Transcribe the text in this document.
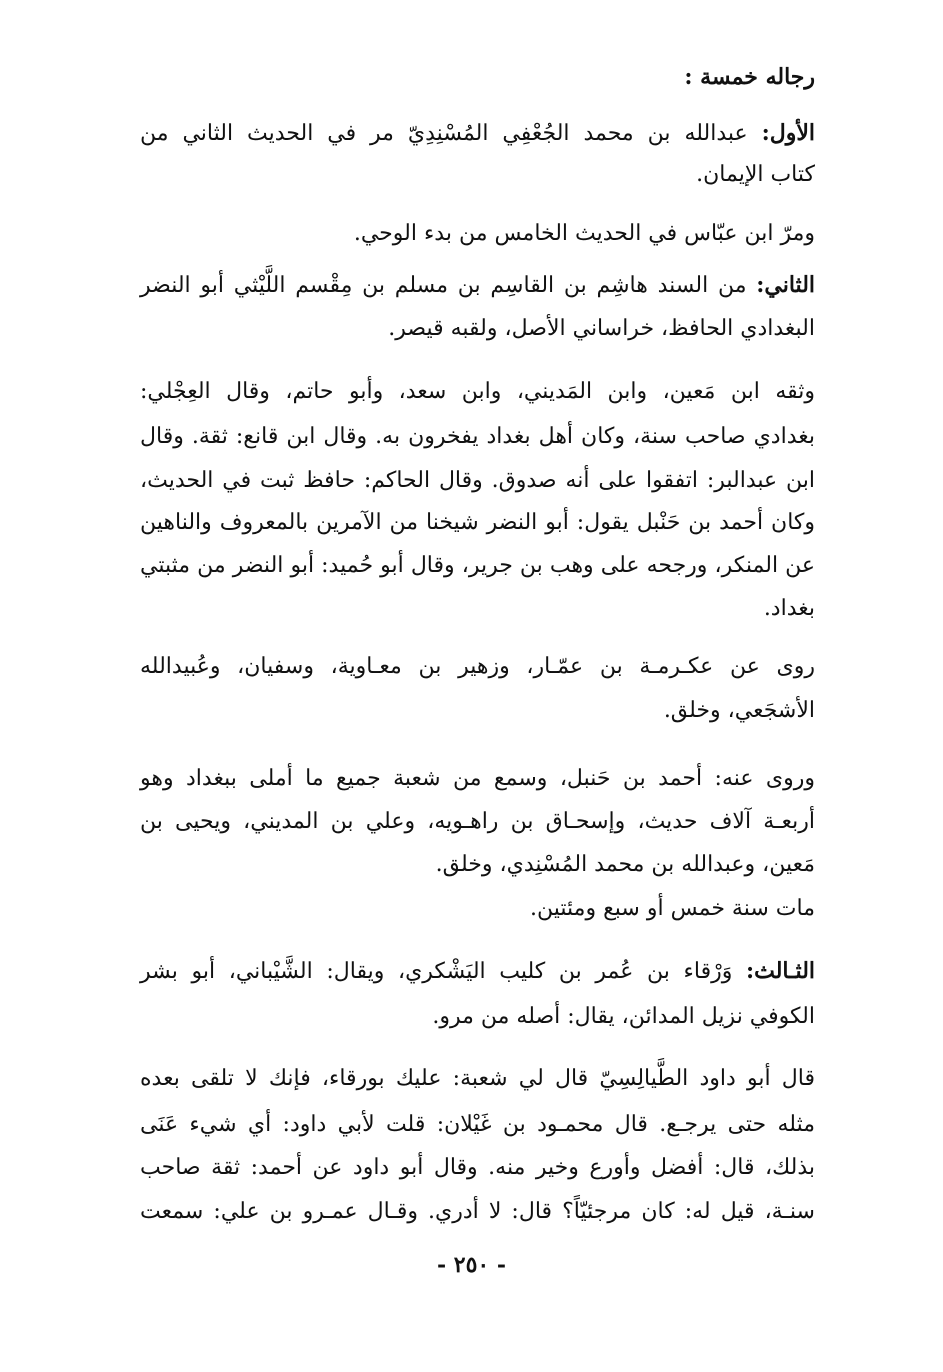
رجاله خمسة :
الأول: عبدالله بن محمد الجُعْفِي المُسْنِدِيّ مر في الحديث الثاني من
كتاب الإيمان.
ومرّ ابن عبّاس في الحديث الخامس من بدء الوحي.
الثاني: من السند هاشِم بن القاسِم بن مسلم بن مِقْسم اللَّيْثي أبو النضر
البغدادي الحافظ، خراساني الأصل، ولقبه قيصر.
وثقه ابن مَعين، وابن المَديني، وابن سعد، وأبو حاتم، وقال العِجْلي:
بغدادي صاحب سنة، وكان أهل بغداد يفخرون به. وقال ابن قانع: ثقة. وقال
ابن عبدالبر: اتفقوا على أنه صدوق. وقال الحاكم: حافظ ثبت في الحديث،
وكان أحمد بن حَنْبل يقول: أبو النضر شيخنا من الآمرين بالمعروف والناهين
عن المنكر، ورجحه على وهب بن جرير، وقال أبو حُميد: أبو النضر من مثبتي
بغداد.
روى عن عكـرمـة بن عمّـار، وزهير بن معـاوية، وسفيان، وعُبيدالله
الأشجَعي، وخلق.
وروى عنه: أحمد بن حَنبل، وسمع من شعبة جميع ما أملى ببغداد وهو
أربعـة آلاف حديث، وإسحـاق بن راهـويه، وعلي بن المديني، ويحيى بن
مَعين، وعبدالله بن محمد المُسْنِدي، وخلق.
مات سنة خمس أو سبع ومئتين.
الثـالث: وَرْقاء بن عُمر بن كليب اليَشْكري، ويقال: الشَّيْباني، أبو بشر
الكوفي نزيل المدائن، يقال: أصله من مرو.
قال أبو داود الطَّيالِسِيّ قال لي شعبة: عليك بورقاء، فإنك لا تلقى بعده
مثله حتى يرجـع. قال محمـود بن غَيْلان: قلت لأبي داود: أي شيء عَنَى
بذلك، قال: أفضل وأورع وخير منه. وقال أبو داود عن أحمد: ثقة صاحب
سنـة، قيل له: كان مرجئيّاً؟ قال: لا أدري. وقـال عمـرو بن علي: سمعت
- ٢٥٠ -
